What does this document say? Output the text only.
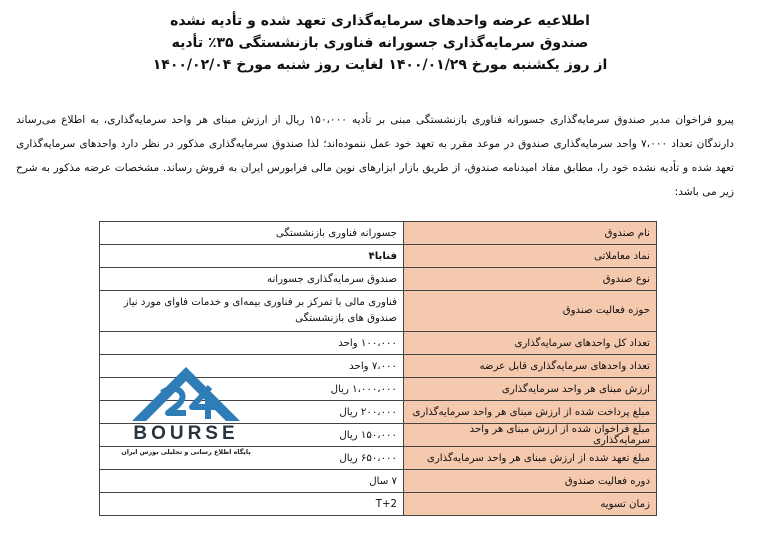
اطلاعیه عرضه واحدهای سرمایه‌گذاری تعهد شده و تأدیه نشده
صندوق سرمایه‌گذاری جسورانه فناوری بازنشستگی ۳۵٪ تأدیه
از روز یکشنبه مورخ ۱۴۰۰/۰۱/۲۹ لغایت روز شنبه مورخ ۱۴۰۰/۰۲/۰۴
پیرو فراخوان مدیر صندوق سرمایه‌گذاری جسورانه فناوری بازنشستگی مبنی بر تأدیه ۱۵۰،۰۰۰ ریال از ارزش مبنای هر واحد سرمایه‌گذاری، به اطلاع می‌رساند دارندگان تعداد ۷،۰۰۰ واحد سرمایه‌گذاری صندوق در موعد مقرر به تعهد خود عمل ننموده‌اند؛ لذا صندوق سرمایه‌گذاری مذکور در نظر دارد واحدهای سرمایه‌گذاری تعهد شده و تأدیه نشده خود را، مطابق مفاد امیدنامه صندوق، از طریق بازار ابزارهای نوین مالی فرابورس ایران به فروش رساند. مشخصات عرضه مذکور به شرح زیر می باشد:
نام صندوق	جسورانه فناوری بازنشستگی
نماد معاملاتی	فنابا۴
نوع صندوق	صندوق سرمایه‌گذاری جسورانه
حوزه فعالیت صندوق	فناوری مالی با تمرکز بر فناوری بیمه‌ای و خدمات فاوای مورد نیاز صندوق های بازنشستگی
تعداد کل واحدهای سرمایه‌گذاری	۱۰۰،۰۰۰ واحد
تعداد واحدهای سرمایه‌گذاری قابل عرضه	۷،۰۰۰ واحد
ارزش مبنای هر واحد سرمایه‌گذاری	۱،۰۰۰،۰۰۰ ریال
مبلغ پرداخت شده از ارزش مبنای هر واحد سرمایه‌گذاری	۲۰۰،۰۰۰ ریال
مبلغ فراخوان شده از ارزش مبنای هر واحد سرمایه‌گذاری	۱۵۰،۰۰۰ ریال
مبلغ تعهد شده از ارزش مبنای هر واحد سرمایه‌گذاری	۶۵۰،۰۰۰ ریال
دوره فعالیت صندوق	۷ سال
زمان تسویه	T+2
BOURSE
پایگاه اطلاع رسانی و تحلیلی بورس ایران
